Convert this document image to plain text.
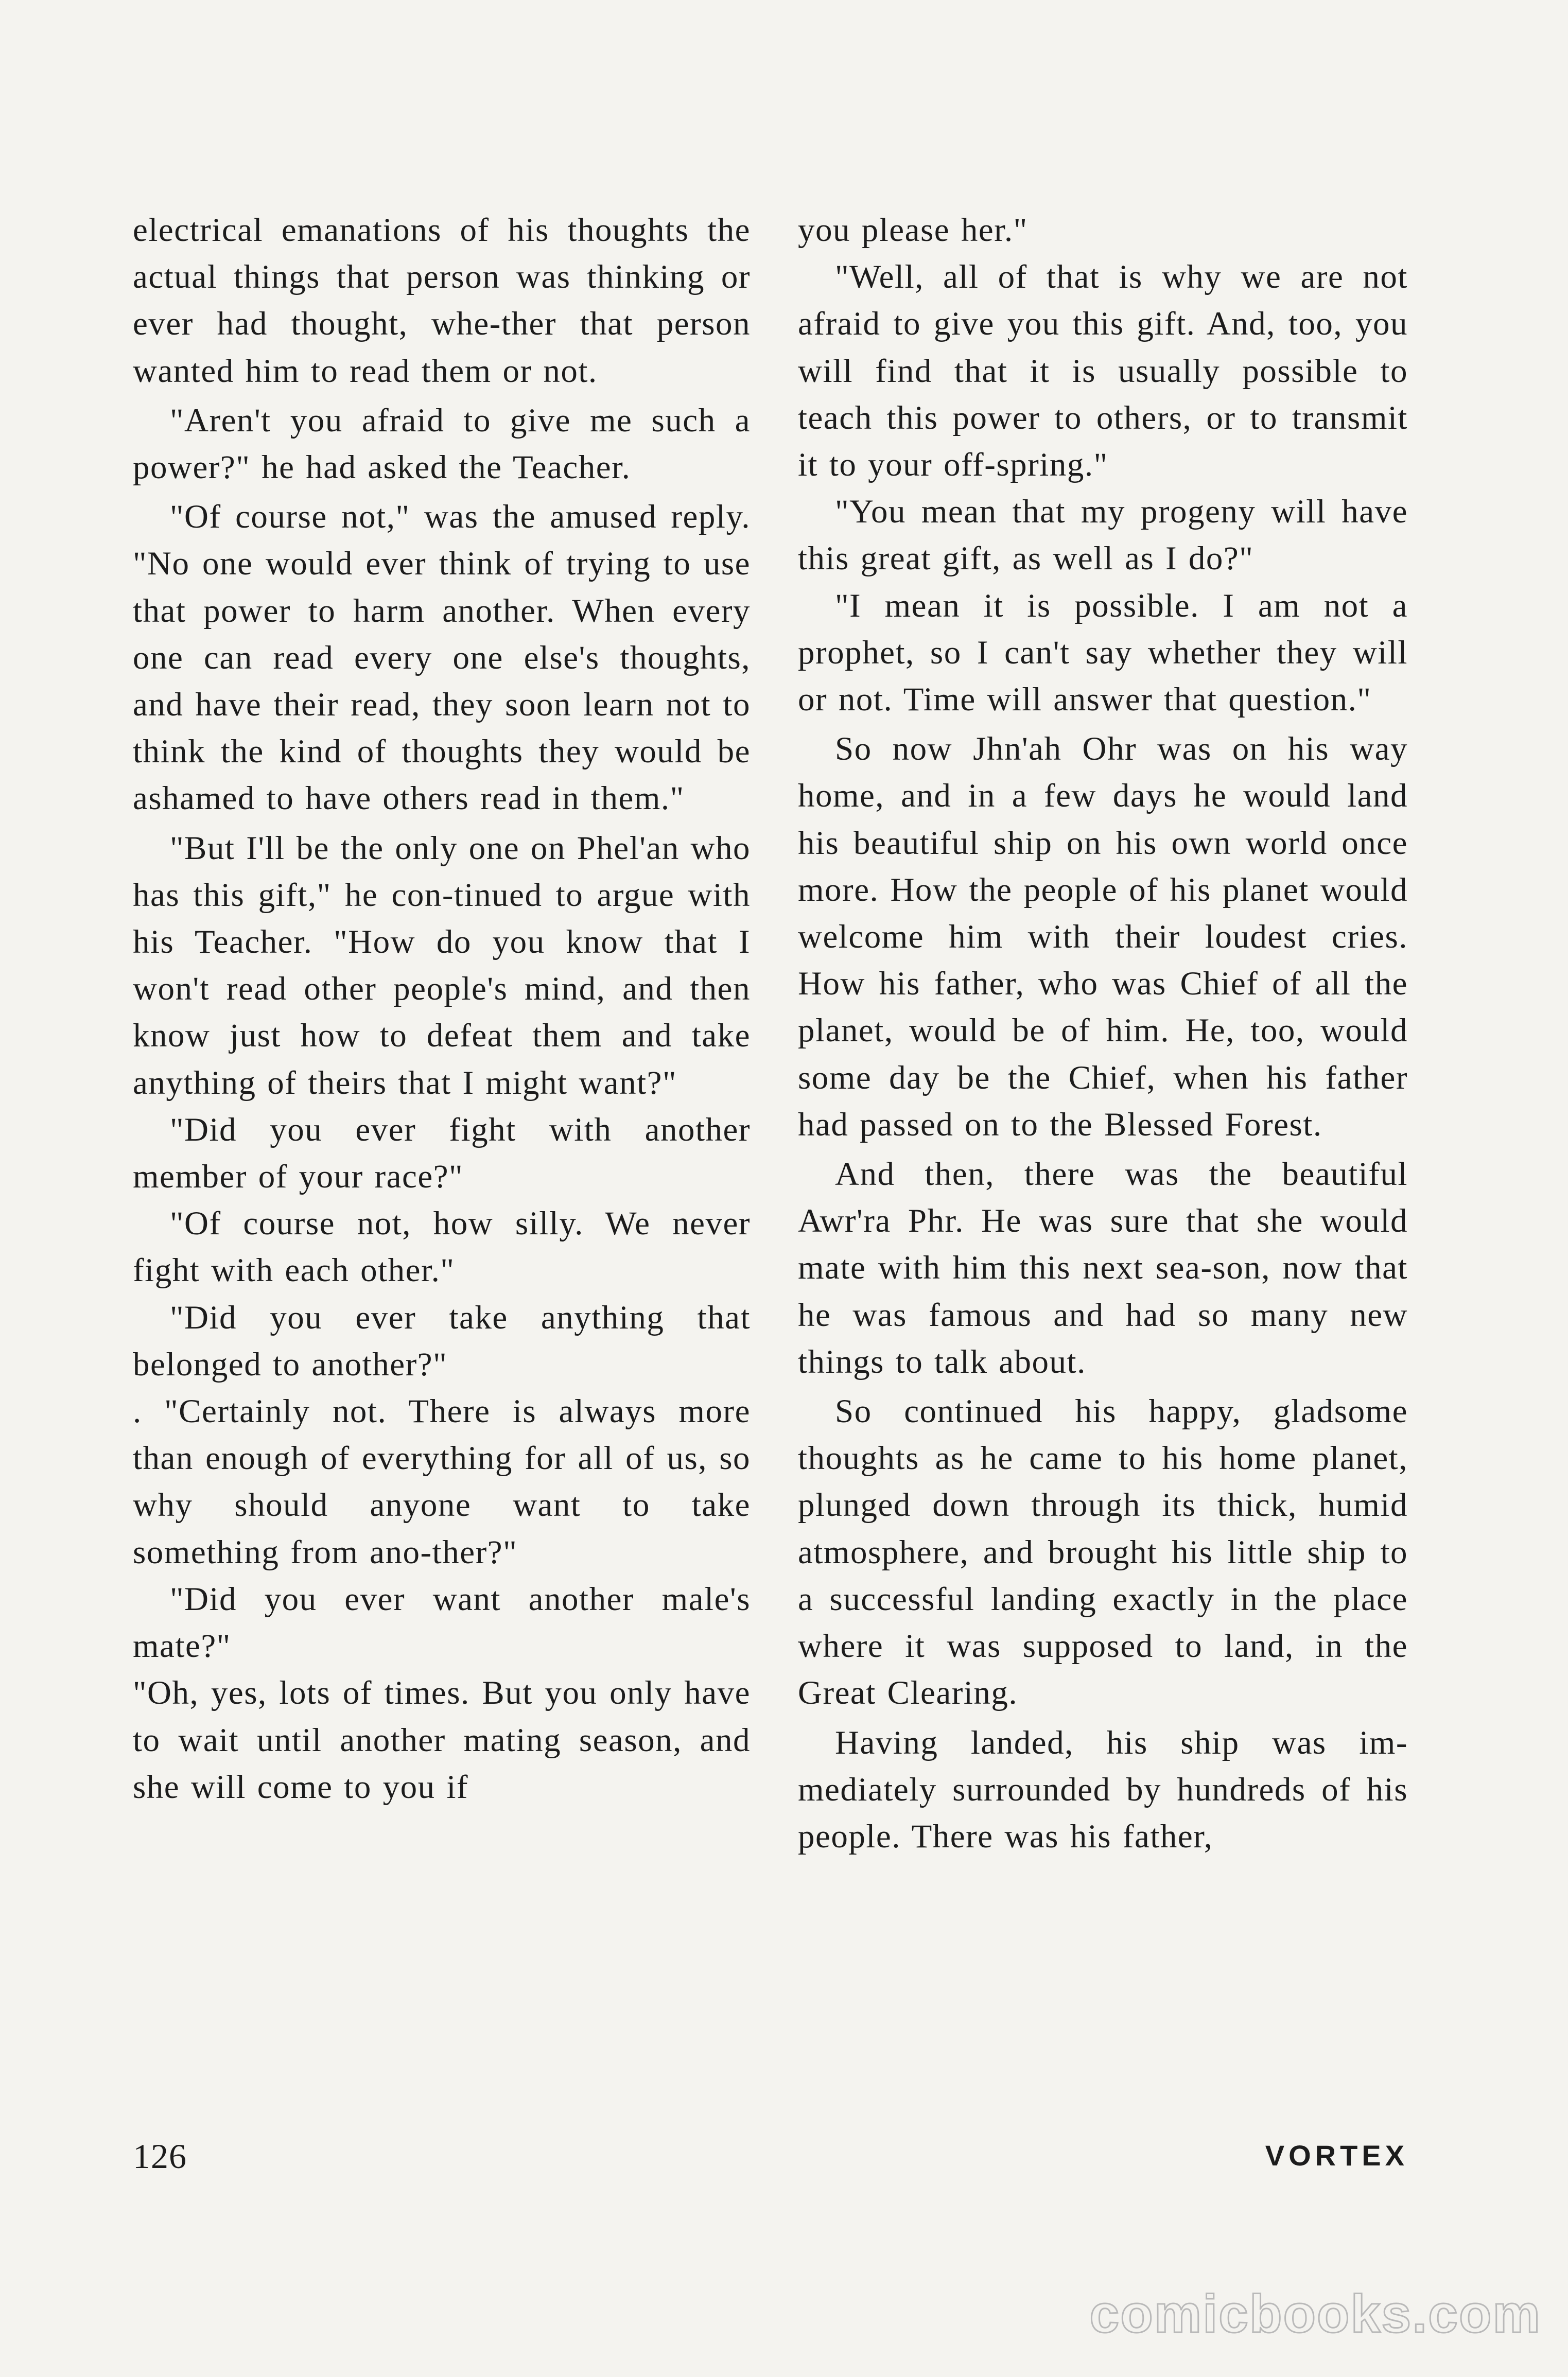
electrical emanations of his thoughts the actual things that person was thinking or ever had thought, whe-ther that person wanted him to read them or not.

"Aren't you afraid to give me such a power?" he had asked the Teacher.

"Of course not," was the amused reply. "No one would ever think of trying to use that power to harm another. When every one can read every one else's thoughts, and have their read, they soon learn not to think the kind of thoughts they would be ashamed to have others read in them."

"But I'll be the only one on Phel'an who has this gift," he con-tinued to argue with his Teacher. "How do you know that I won't read other people's mind, and then know just how to defeat them and take anything of theirs that I might want?"

"Did you ever fight with another member of your race?"

"Of course not, how silly. We never fight with each other."

"Did you ever take anything that belonged to another?"

. "Certainly not. There is always more than enough of everything for all of us, so why should anyone want to take something from ano-ther?"

"Did you ever want another male's mate?"

"Oh, yes, lots of times. But you only have to wait until another mating season, and she will come to you if

you please her."

"Well, all of that is why we are not afraid to give you this gift. And, too, you will find that it is usually possible to teach this power to others, or to transmit it to your off-spring."

"You mean that my progeny will have this great gift, as well as I do?"

"I mean it is possible. I am not a prophet, so I can't say whether they will or not. Time will answer that question."

So now Jhn'ah Ohr was on his way home, and in a few days he would land his beautiful ship on his own world once more. How the people of his planet would welcome him with their loudest cries. How his father, who was Chief of all the planet, would be of him. He, too, would some day be the Chief, when his father had passed on to the Blessed Forest.

And then, there was the beautiful Awr'ra Phr. He was sure that she would mate with him this next sea-son, now that he was famous and had so many new things to talk about.

So continued his happy, gladsome thoughts as he came to his home planet, plunged down through its thick, humid atmosphere, and brought his little ship to a successful landing exactly in the place where it was supposed to land, in the Great Clearing.

Having landed, his ship was im-mediately surrounded by hundreds of his people. There was his father,

126	VORTEX
comicbooks.com
